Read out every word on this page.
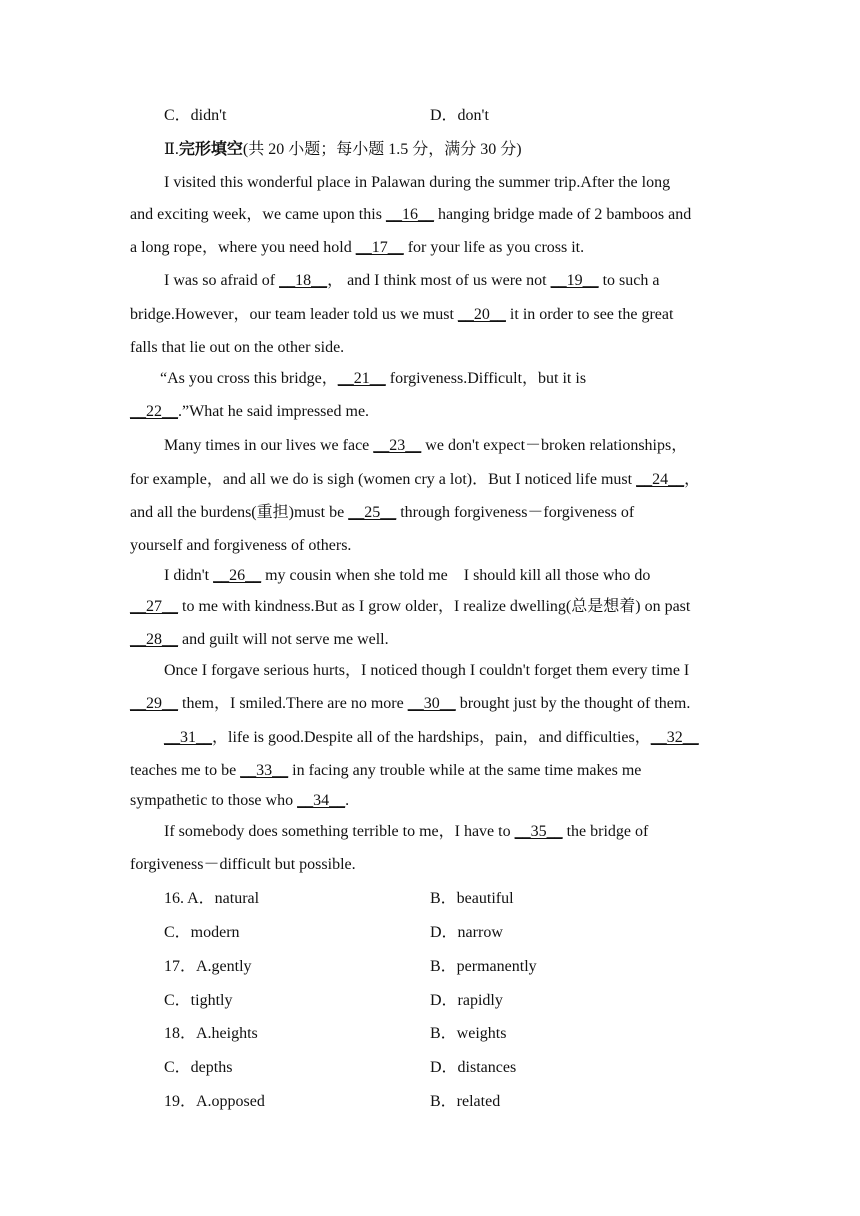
C．didn't	D．don't
Ⅱ.完形填空(共 20 小题；每小题 1.5 分，满分 30 分)
I visited this wonderful place in Palawan during the summer trip.After the long
and exciting week，we came upon this __16__ hanging bridge made of 2 bamboos and
a long rope，where you need hold __17__ for your life as you cross it.
I was so afraid of __18__， and I think most of us were not __19__ to such a
bridge.However，our team leader told us we must __20__ it in order to see the great
falls that lie out on the other side.
“As you cross this bridge，__21__ forgiveness.Difficult，but it is
__22__.”What he said impressed me.
Many times in our lives we face __23__ we don't expect－broken relationships，
for example，and all we do is sigh (women cry a lot)．But I noticed life must __24__，
and all the burdens(重担)must be __25__ through forgiveness－forgiveness of
yourself and forgiveness of others.
I didn't __26__ my cousin when she told me    I should kill all those who do
__27__ to me with kindness.But as I grow older，I realize dwelling(总是想着) on past
__28__ and guilt will not serve me well.
Once I forgave serious hurts，I noticed though I couldn't forget them every time I
__29__ them，I smiled.There are no more __30__ brought just by the thought of them.
__31__，life is good.Despite all of the hardships，pain，and difficulties，__32__
teaches me to be __33__ in facing any trouble while at the same time makes me
sympathetic to those who __34__.
If somebody does something terrible to me，I have to __35__ the bridge of
forgiveness－difficult but possible.
16. A．natural	B．beautiful
C．modern	D．narrow
17．A.gently	B．permanently
C．tightly	D．rapidly
18．A.heights	B．weights
C．depths	D．distances
19．A.opposed	B．related
